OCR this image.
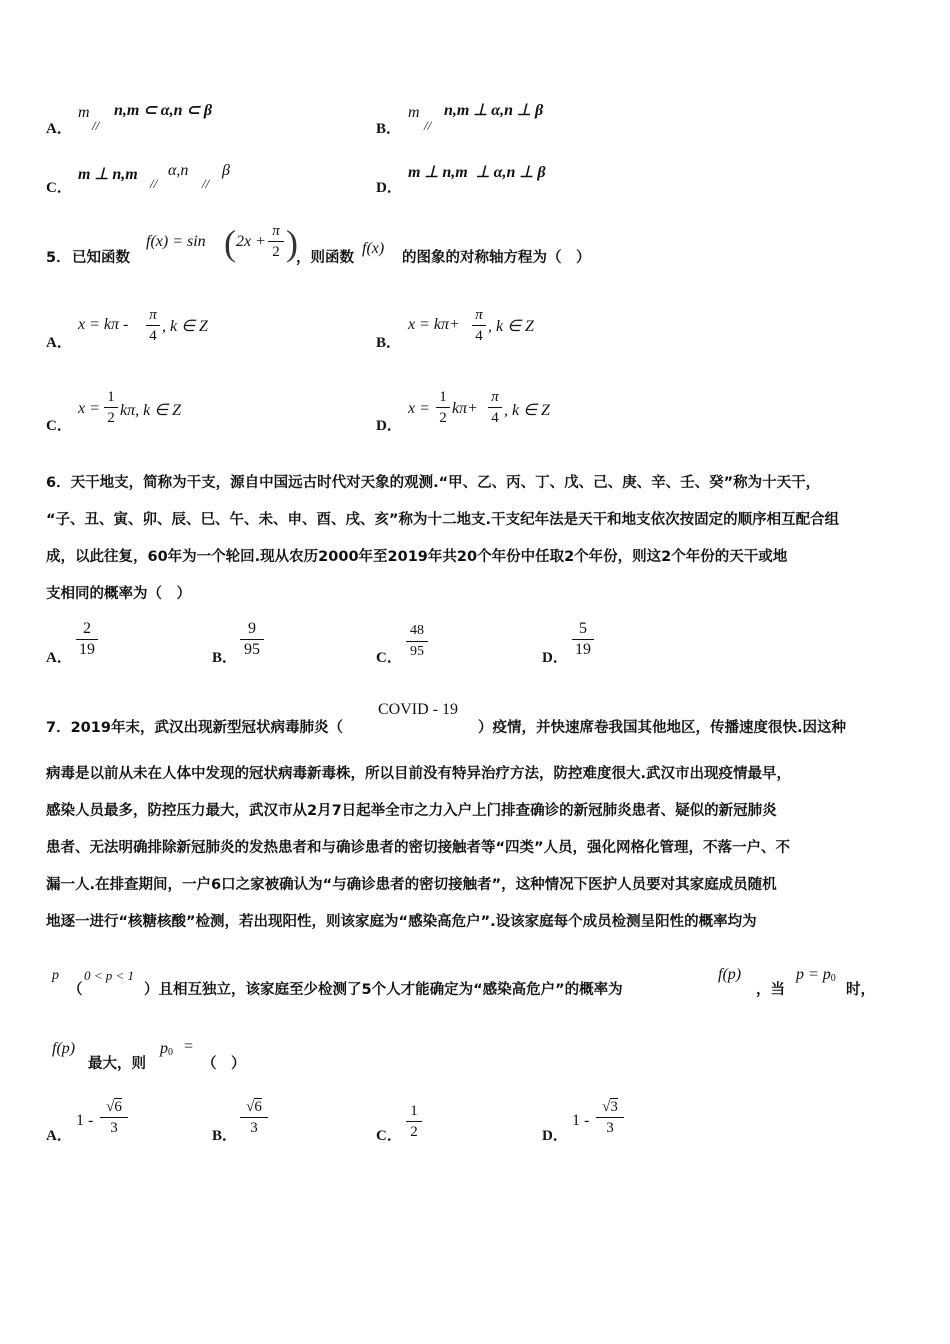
A．
m
//
n,m ⊂ α,n ⊂ β
B．
m
//
n,m ⊥ α,n ⊥ β
C．
m ⊥ n,m
//
α,n
//
β
D．
m ⊥ n,m  ⊥ α,n ⊥ β
5． 已知函数
f(x) = sin ( 2x +
π
2 )
，则函数
f(x)
的图象的对称轴方程为（　）
A．
x = kπ -
π
4
, k ∈ Z
B．
x = kπ+
π
4
, k ∈ Z
C．
x =
1
2 kπ, k ∈ Z
D．
x =
1
2
kπ+
π
4 , k ∈ Z
6．天干地支，简称为干支，源自中国远古时代对天象的观测.“甲、乙、丙、丁、戊、己、庚、辛、壬、癸”称为十天干，
“子、丑、寅、卯、辰、巳、午、未、申、酉、戌、亥”称为十二地支.干支纪年法是天干和地支依次按固定的顺序相互配合组
成，以此往复，60年为一个轮回.现从农历2000年至2019年共20个年份中任取2个年份，则这2个年份的天干或地
支相同的概率为（　）
A．
2
19	B．
9
95	C．
48
95	D．
5
19
7．2019年末，武汉出现新型冠状病毒肺炎（
COVID - 19
）疫情，并快速席卷我国其他地区，传播速度很快.因这种
病毒是以前从未在人体中发现的冠状病毒新毒株，所以目前没有特异治疗方法，防控难度很大.武汉市出现疫情最早，
感染人员最多，防控压力最大，武汉市从2月7日起举全市之力入户上门排查确诊的新冠肺炎患者、疑似的新冠肺炎
患者、无法明确排除新冠肺炎的发热患者和与确诊患者的密切接触者等“四类”人员，强化网格化管理，不落一户、不
漏一人.在排查期间，一户6口之家被确认为“与确诊患者的密切接触者”，这种情况下医护人员要对其家庭成员随机
地逐一进行“核糖核酸”检测，若出现阳性，则该家庭为“感染高危户”.设该家庭每个成员检测呈阳性的概率均为
p
（
0 < p < 1
）且相互独立，该家庭至少检测了5个人才能确定为“感染高危户”的概率为
f(p)
，当
$p = p_0$
时，
f(p)
最大，则
$p_0$ =
（　）
A．
1 -
√6
3	B．
√6
3	C．
1
2	D．
1 -
√3
3
